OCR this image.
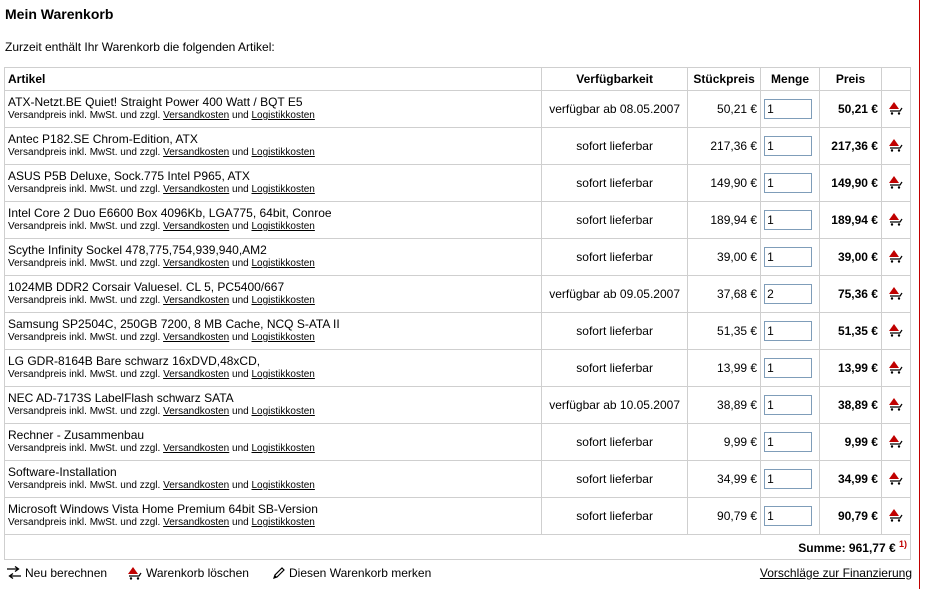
Mein Warenkorb
Zurzeit enthält Ihr Warenkorb die folgenden Artikel:
Artikel	Verfügbarkeit	Stückpreis	Menge	Preis	

ATX-Netzt.BE Quiet! Straight Power 400 Watt / BQT E5
Versandpreis inkl. MwSt. und zzgl. Versandkosten und Logistikkosten	verfügbar ab 08.05.2007	50,21 €	1	50,21 €	

Antec P182.SE Chrom-Edition, ATX
Versandpreis inkl. MwSt. und zzgl. Versandkosten und Logistikkosten	sofort lieferbar	217,36 €	1	217,36 €	

ASUS P5B Deluxe, Sock.775 Intel P965, ATX
Versandpreis inkl. MwSt. und zzgl. Versandkosten und Logistikkosten	sofort lieferbar	149,90 €	1	149,90 €	

Intel Core 2 Duo E6600 Box 4096Kb, LGA775, 64bit, Conroe
Versandpreis inkl. MwSt. und zzgl. Versandkosten und Logistikkosten	sofort lieferbar	189,94 €	1	189,94 €	

Scythe Infinity Sockel 478,775,754,939,940,AM2
Versandpreis inkl. MwSt. und zzgl. Versandkosten und Logistikkosten	sofort lieferbar	39,00 €	1	39,00 €	

1024MB DDR2 Corsair Valuesel. CL 5, PC5400/667
Versandpreis inkl. MwSt. und zzgl. Versandkosten und Logistikkosten	verfügbar ab 09.05.2007	37,68 €	2	75,36 €	

Samsung SP2504C, 250GB 7200, 8 MB Cache, NCQ S-ATA II
Versandpreis inkl. MwSt. und zzgl. Versandkosten und Logistikkosten	sofort lieferbar	51,35 €	1	51,35 €	

LG GDR-8164B Bare schwarz 16xDVD,48xCD,
Versandpreis inkl. MwSt. und zzgl. Versandkosten und Logistikkosten	sofort lieferbar	13,99 €	1	13,99 €	

NEC AD-7173S LabelFlash schwarz SATA
Versandpreis inkl. MwSt. und zzgl. Versandkosten und Logistikkosten	verfügbar ab 10.05.2007	38,89 €	1	38,89 €	

Rechner - Zusammenbau
Versandpreis inkl. MwSt. und zzgl. Versandkosten und Logistikkosten	sofort lieferbar	9,99 €	1	9,99 €	

Software-Installation
Versandpreis inkl. MwSt. und zzgl. Versandkosten und Logistikkosten	sofort lieferbar	34,99 €	1	34,99 €	

Microsoft Windows Vista Home Premium 64bit SB-Version
Versandpreis inkl. MwSt. und zzgl. Versandkosten und Logistikkosten	sofort lieferbar	90,79 €	1	90,79 €	
Summe: 961,77 € $^{1)}$
Neu berechnen	Warenkorb löschen	Diesen Warenkorb merken	Vorschläge zur Finanzierung
